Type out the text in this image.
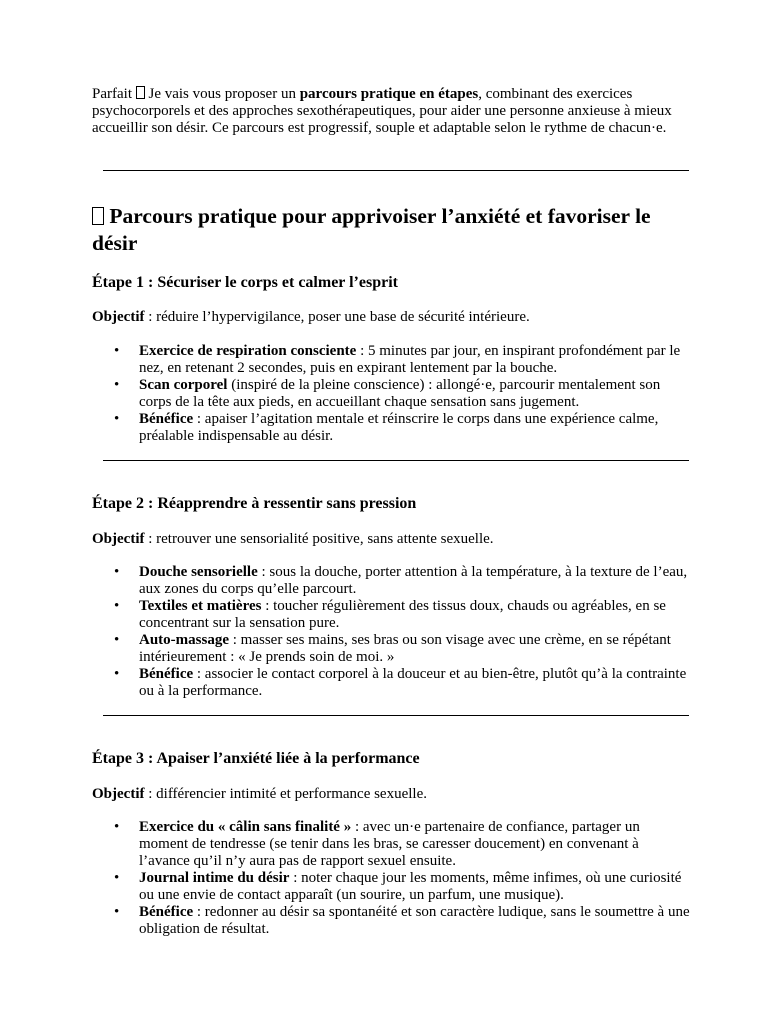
Parfait  Je vais vous proposer un parcours pratique en étapes, combinant des exercices psychocorporels et des approches sexothérapeutiques, pour aider une personne anxieuse à mieux accueillir son désir. Ce parcours est progressif, souple et adaptable selon le rythme de chacun·e.

Parcours pratique pour apprivoiser l’anxiété et favoriser le désir
Étape 1 : Sécuriser le corps et calmer l’esprit

Objectif : réduire l’hypervigilance, poser une base de sécurité intérieure.

• Exercice de respiration consciente : 5 minutes par jour, en inspirant profondément par le nez, en retenant 2 secondes, puis en expirant lentement par la bouche.
• Scan corporel (inspiré de la pleine conscience) : allongé·e, parcourir mentalement son corps de la tête aux pieds, en accueillant chaque sensation sans jugement.
• Bénéfice : apaiser l’agitation mentale et réinscrire le corps dans une expérience calme, préalable indispensable au désir.
Étape 2 : Réapprendre à ressentir sans pression

Objectif : retrouver une sensorialité positive, sans attente sexuelle.

• Douche sensorielle : sous la douche, porter attention à la température, à la texture de l’eau, aux zones du corps qu’elle parcourt.
• Textiles et matières : toucher régulièrement des tissus doux, chauds ou agréables, en se concentrant sur la sensation pure.
• Auto-massage : masser ses mains, ses bras ou son visage avec une crème, en se répétant intérieurement : « Je prends soin de moi. »
• Bénéfice : associer le contact corporel à la douceur et au bien-être, plutôt qu’à la contrainte ou à la performance.
Étape 3 : Apaiser l’anxiété liée à la performance

Objectif : différencier intimité et performance sexuelle.

• Exercice du « câlin sans finalité » : avec un·e partenaire de confiance, partager un moment de tendresse (se tenir dans les bras, se caresser doucement) en convenant à l’avance qu’il n’y aura pas de rapport sexuel ensuite.
• Journal intime du désir : noter chaque jour les moments, même infimes, où une curiosité ou une envie de contact apparaît (un sourire, un parfum, une musique).
• Bénéfice : redonner au désir sa spontanéité et son caractère ludique, sans le soumettre à une obligation de résultat.
